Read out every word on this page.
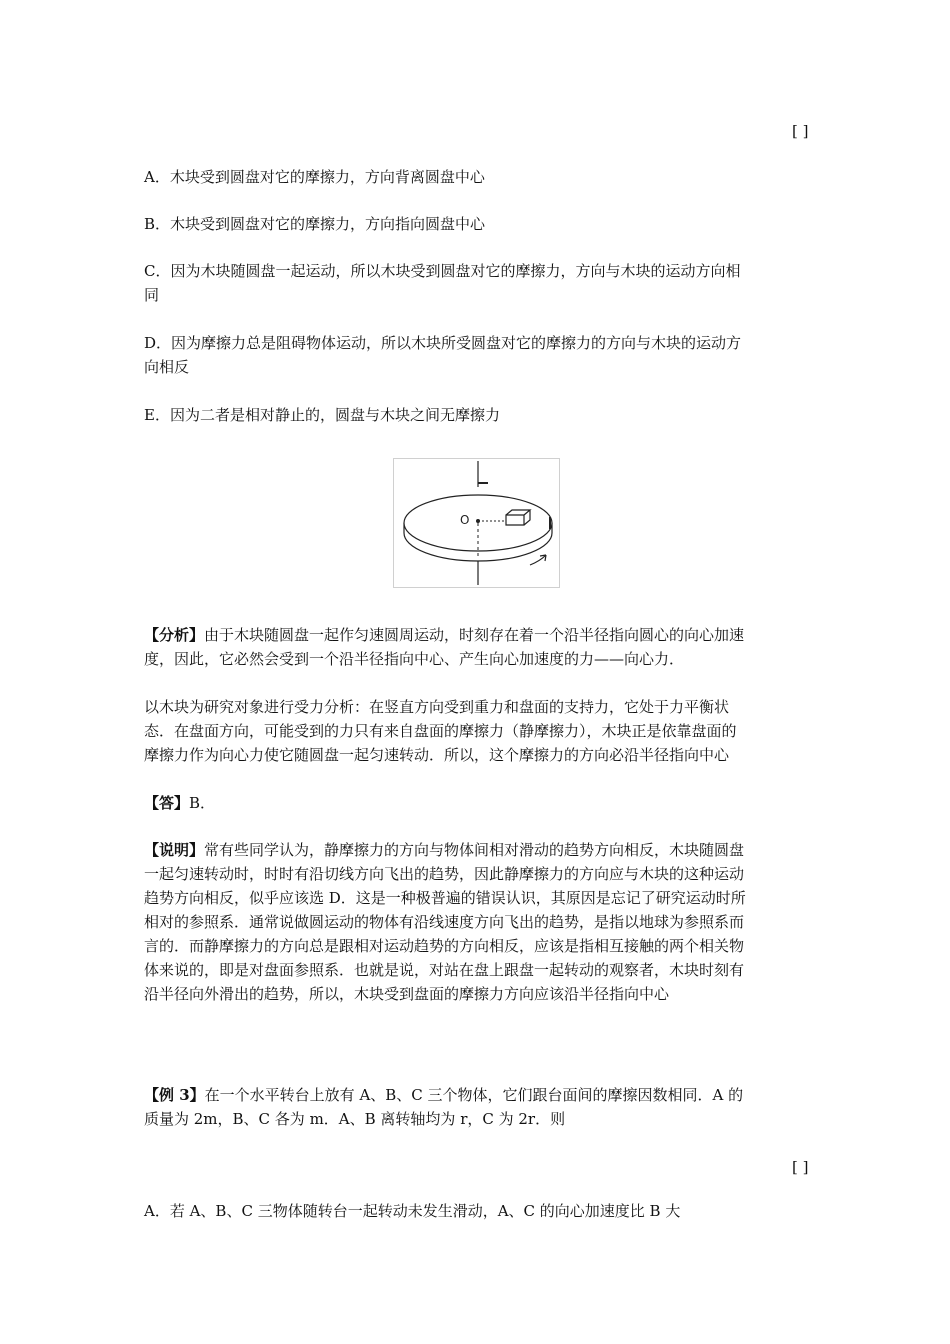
[ ]
A．木块受到圆盘对它的摩擦力，方向背离圆盘中心
B．木块受到圆盘对它的摩擦力，方向指向圆盘中心
C．因为木块随圆盘一起运动，所以木块受到圆盘对它的摩擦力，方向与木块的运动方向相
同
D．因为摩擦力总是阻碍物体运动，所以木块所受圆盘对它的摩擦力的方向与木块的运动方
向相反
E．因为二者是相对静止的，圆盘与木块之间无摩擦力
O
【分析】由于木块随圆盘一起作匀速圆周运动，时刻存在着一个沿半径指向圆心的向心加速
度，因此，它必然会受到一个沿半径指向中心、产生向心加速度的力——向心力．
以木块为研究对象进行受力分析：在竖直方向受到重力和盘面的支持力，它处于力平衡状
态．在盘面方向，可能受到的力只有来自盘面的摩擦力（静摩擦力），木块正是依靠盘面的
摩擦力作为向心力使它随圆盘一起匀速转动．所以，这个摩擦力的方向必沿半径指向中心
【答】B．
【说明】常有些同学认为，静摩擦力的方向与物体间相对滑动的趋势方向相反，木块随圆盘
一起匀速转动时，时时有沿切线方向飞出的趋势，因此静摩擦力的方向应与木块的这种运动
趋势方向相反，似乎应该选 D．这是一种极普遍的错误认识，其原因是忘记了研究运动时所
相对的参照系．通常说做圆运动的物体有沿线速度方向飞出的趋势，是指以地球为参照系而
言的．而静摩擦力的方向总是跟相对运动趋势的方向相反，应该是指相互接触的两个相关物
体来说的，即是对盘面参照系．也就是说，对站在盘上跟盘一起转动的观察者，木块时刻有
沿半径向外滑出的趋势，所以，木块受到盘面的摩擦力方向应该沿半径指向中心
【例 3】在一个水平转台上放有 A、B、C 三个物体，它们跟台面间的摩擦因数相同．A 的
质量为 2m，B、C 各为 m．A、B 离转轴均为 r，C 为 2r．则
[ ]
A．若 A、B、C 三物体随转台一起转动未发生滑动，A、C 的向心加速度比 B 大
